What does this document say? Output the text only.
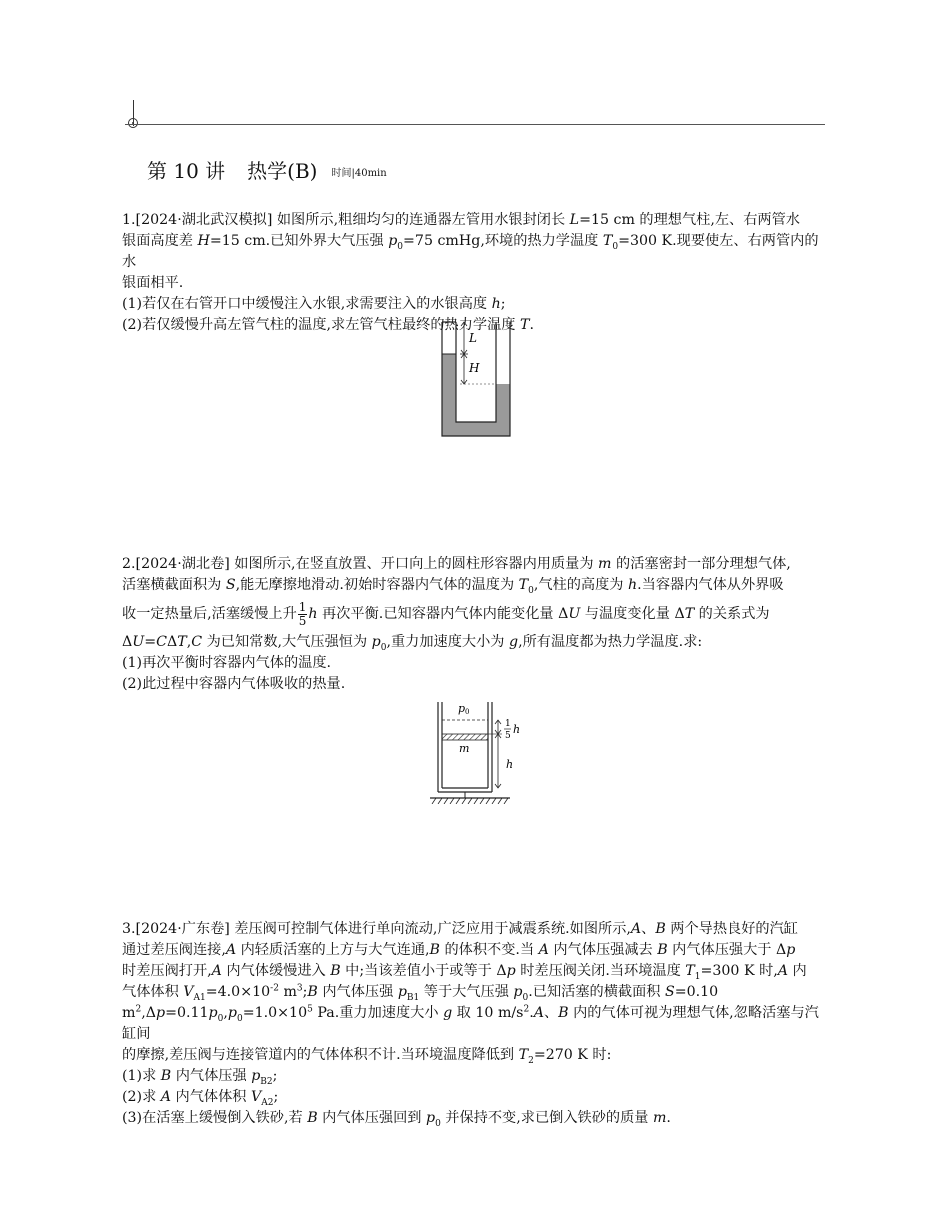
第 10 讲 热学(B) 时间|40min

1.[2024·湖北武汉模拟] 如图所示,粗细均匀的连通器左管用水银封闭长 L=15 cm 的理想气柱,左、右两管水
银面高度差 H=15 cm.已知外界大气压强 $p_0=75$ cmHg,环境的热力学温度 $T_0=300$ K.现要使左、右两管内的水
银面相平.

(1)若仅在右管开口中缓慢注入水银,求需要注入的水银高度 h;

(2)若仅缓慢升高左管气柱的温度,求左管气柱最终的热力学温度 T.

L
H

2.[2024·湖北卷] 如图所示,在竖直放置、开口向上的圆柱形容器内用质量为 m 的活塞密封一部分理想气体,
活塞横截面积为 S,能无摩擦地滑动.初始时容器内气体的温度为 $T_0$,气柱的高度为 h.当容器内气体从外界吸

收一定热量后,活塞缓慢上升 $\frac{1}{5}$ h 再次平衡.已知容器内气体内能变化量 ΔU 与温度变化量 ΔT 的关系式为

ΔU=CΔT,C 为已知常数,大气压强恒为 $p_0$,重力加速度大小为 g,所有温度都为热力学温度.求:

(1)再次平衡时容器内气体的温度.

(2)此过程中容器内气体吸收的热量.

p 0
m
1
5 h
h

3.[2024·广东卷] 差压阀可控制气体进行单向流动,广泛应用于减震系统.如图所示,A、B 两个导热良好的汽缸
通过差压阀连接,A 内轻质活塞的上方与大气连通,B 的体积不变.当 A 内气体压强减去 B 内气体压强大于 Δp
时差压阀打开,A 内气体缓慢进入 B 中;当该差值小于或等于 Δp 时差压阀关闭.当环境温度 $T_1=300$ K 时,A 内
气体体积 $V_{A1}=4.0\times 10^{-2}$ $m^3;B$ 内气体压强 $p_{B1}$ 等于大气压强 $p_0$.已知活塞的横截面积 S=0.10
$m^2,\Delta p=0.11p_0,p_0=1.0\times 10^5$ Pa.重力加速度大小 g 取 10 $m/s^2.A$、B 内的气体可视为理想气体,忽略活塞与汽缸间
的摩擦,差压阀与连接管道内的气体体积不计.当环境温度降低到 $T_2=270$ K 时:

(1)求 B 内气体压强 $p_{B2}$;

(2)求 A 内气体体积 $V_{A2}$;

(3)在活塞上缓慢倒入铁砂,若 B 内气体压强回到 $p_0$ 并保持不变,求已倒入铁砂的质量 m.
